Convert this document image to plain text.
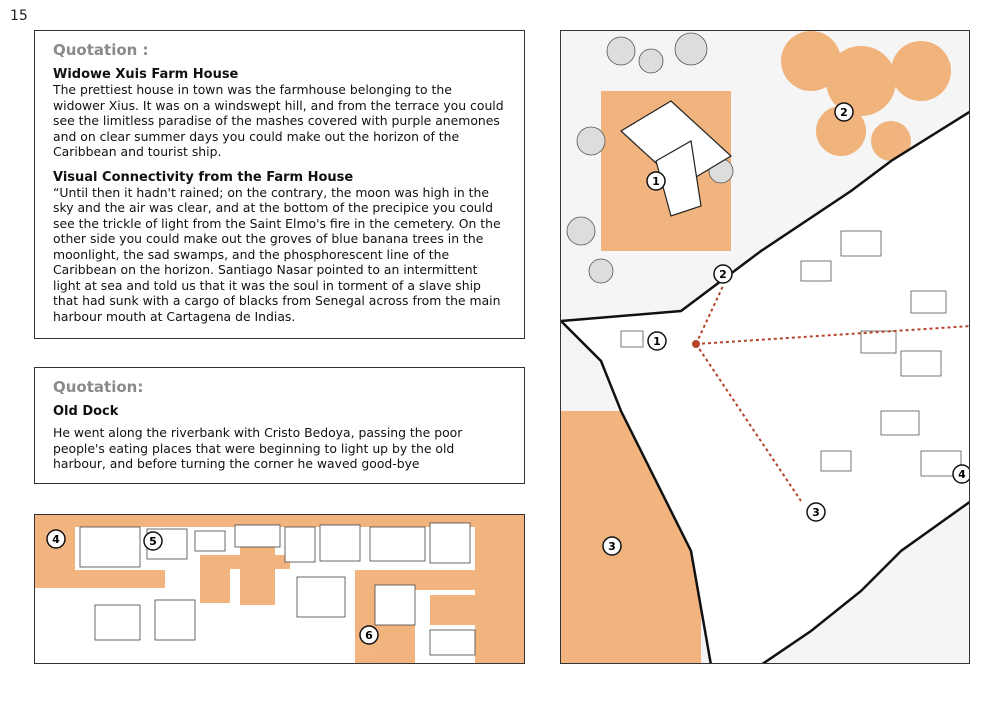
15
Quotation :
Widowe Xuis Farm House
The prettiest house in town was the farmhouse belonging to the widower Xius. It was on a windswept hill, and from the terrace you could see the limitless paradise of the mashes covered with purple anemones and on clear summer days you could make out the horizon of the Caribbean and tourist ship.
Visual Connectivity from the Farm House
“Until then it hadn't rained; on the contrary, the moon was high in the sky and the air was clear, and at the bottom of the precipice you could see the trickle of light from the Saint Elmo's fire in the cemetery. On the other side you could make out the groves of blue banana trees in the moonlight, the sad swamps, and the phosphorescent line of the Caribbean on the horizon. Santiago Nasar pointed to an intermittent light at sea and told us that it was the soul in torment of a slave ship that had sunk with a cargo of blacks from Senegal across from the main harbour mouth at Cartagena de Indias.
Quotation:
Old Dock
He went along the riverbank with Cristo Bedoya, passing the poor people's eating places that were beginning to light up by the old harbour, and before turning the corner he waved good-bye
4	5
6
1
2
1
2
3
3
4
